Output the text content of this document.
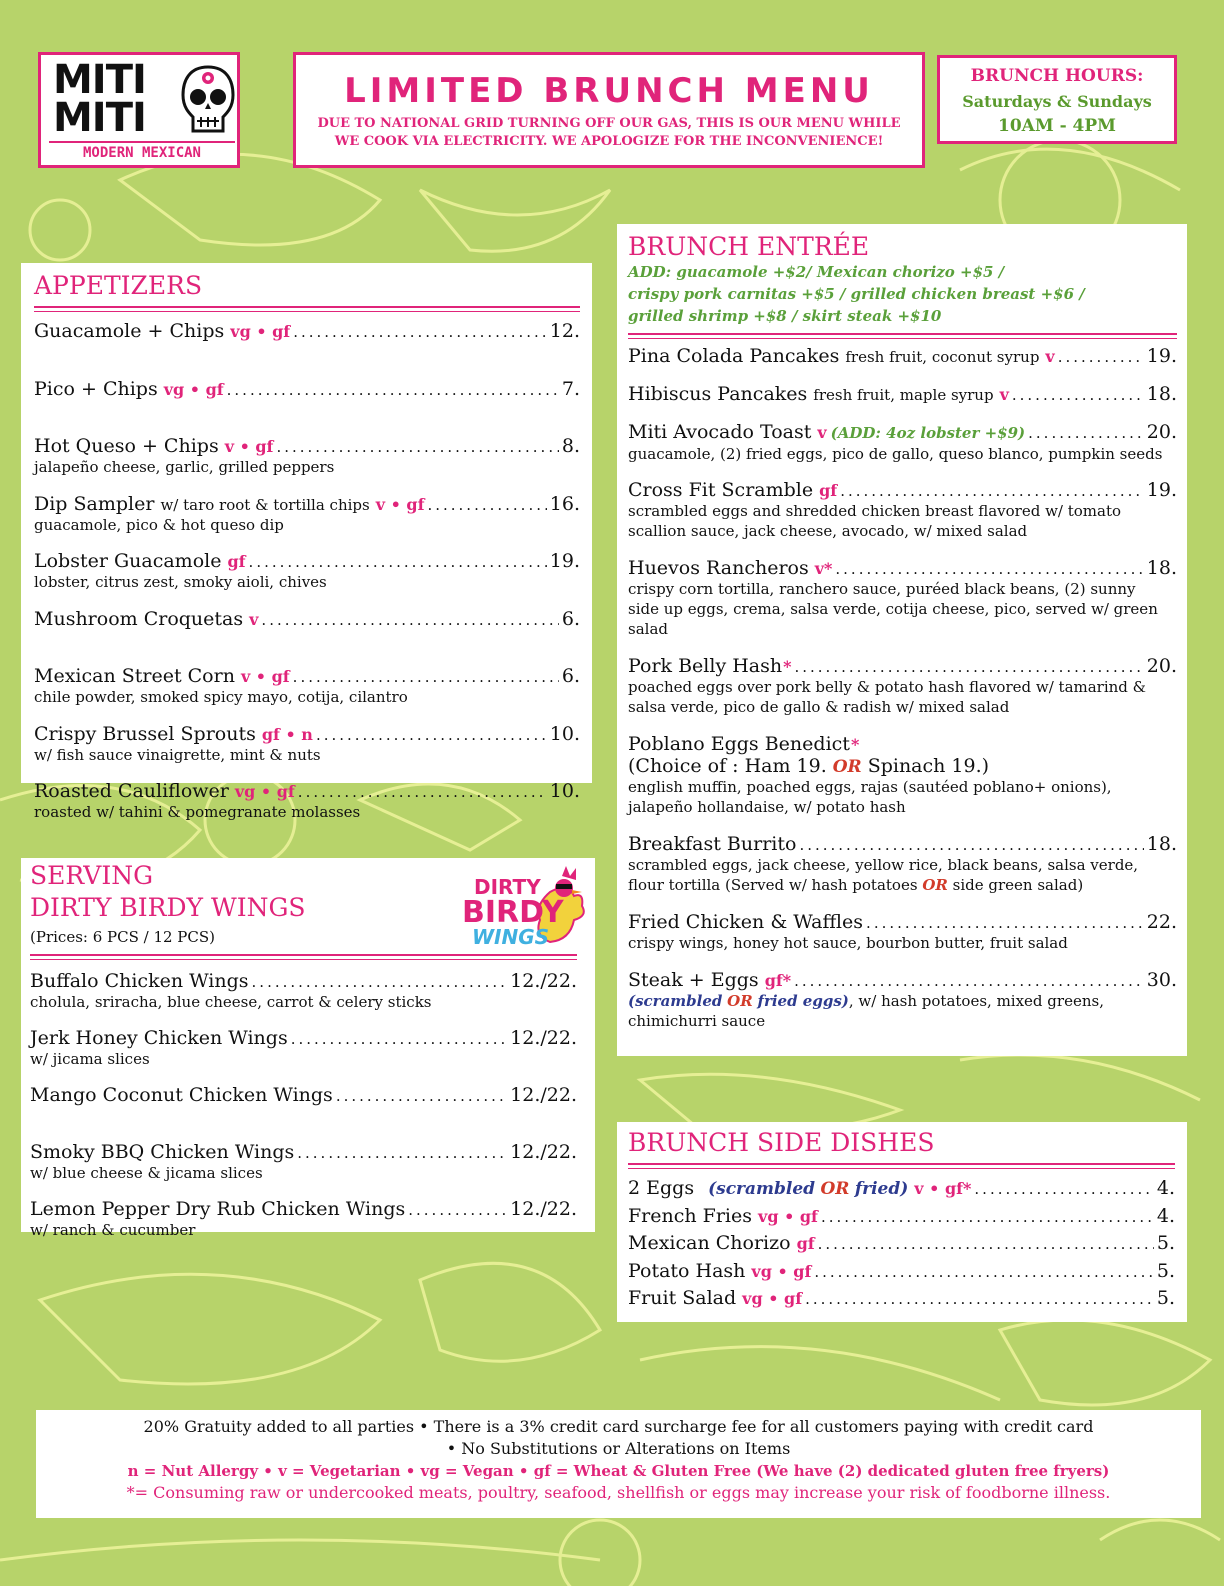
MITI
MITI
MODERN MEXICAN
LIMITED BRUNCH MENU
DUE TO NATIONAL GRID TURNING OFF OUR GAS, THIS IS OUR MENU WHILE
WE COOK VIA ELECTRICITY. WE APOLOGIZE FOR THE INCONVENIENCE!
BRUNCH HOURS:
Saturdays & Sundays
10AM - 4PM
APPETIZERS
Guacamole + Chips vg • gf .....	12.
Pico + Chips vg • gf .....	7.
Hot Queso + Chips v • gf .....	8.
jalapeño cheese, garlic, grilled peppers
Dip Sampler w/ taro root & tortilla chips v • gf .....	16.
guacamole, pico & hot queso dip
Lobster Guacamole gf .....	19.
lobster, citrus zest, smoky aioli, chives
Mushroom Croquetas v .....	6.
Mexican Street Corn v • gf .....	6.
chile powder, smoked spicy mayo, cotija, cilantro
Crispy Brussel Sprouts gf • n .....	10.
w/ fish sauce vinaigrette, mint & nuts
Roasted Cauliflower vg • gf .....	10.
roasted w/ tahini & pomegranate molasses
SERVING
DIRTY BIRDY WINGS
(Prices: 6 PCS / 12 PCS)
DIRTY
BIRDY
WINGS
Buffalo Chicken Wings .....	12./22.
cholula, sriracha, blue cheese, carrot & celery sticks
Jerk Honey Chicken Wings .....	12./22.
w/ jicama slices
Mango Coconut Chicken Wings .....	12./22.
Smoky BBQ Chicken Wings .....	12./22.
w/ blue cheese & jicama slices
Lemon Pepper Dry Rub Chicken Wings .....	12./22.
w/ ranch & cucumber
BRUNCH ENTRÉE
ADD: guacamole +$2/ Mexican chorizo +$5 /
crispy pork carnitas +$5 / grilled chicken breast +$6 /
grilled shrimp +$8 / skirt steak +$10
Pina Colada Pancakes fresh fruit, coconut syrup v .....	19.
Hibiscus Pancakes fresh fruit, maple syrup v .....	18.
Miti Avocado Toast v (ADD: 4oz lobster +$9) .....	20.
guacamole, (2) fried eggs, pico de gallo, queso blanco, pumpkin seeds
Cross Fit Scramble gf .....	19.
scrambled eggs and shredded chicken breast flavored w/ tomato
scallion sauce, jack cheese, avocado, w/ mixed salad
Huevos Rancheros v* .....	18.
crispy corn tortilla, ranchero sauce, puréed black beans, (2) sunny
side up eggs, crema, salsa verde, cotija cheese, pico, served w/ green
salad
Pork Belly Hash * .....	20.
poached eggs over pork belly & potato hash flavored w/ tamarind &
salsa verde, pico de gallo & radish w/ mixed salad
Poblano Eggs Benedict *
(Choice of : Ham 19. OR Spinach 19.)
english muffin, poached eggs, rajas (sautéed poblano+ onions),
jalapeño hollandaise, w/ potato hash
Breakfast Burrito .....	18.
scrambled eggs, jack cheese, yellow rice, black beans, salsa verde,
flour tortilla (Served w/ hash potatoes OR side green salad)
Fried Chicken & Waffles .....	22.
crispy wings, honey hot sauce, bourbon butter, fruit salad
Steak + Eggs gf* .....	30.
(scrambled OR fried eggs), w/ hash potatoes, mixed greens,
chimichurri sauce
BRUNCH SIDE DISHES
2 Eggs (scrambled OR fried) v • gf* .....	4.
French Fries vg • gf .....	4.
Mexican Chorizo gf .....	5.
Potato Hash vg • gf .....	5.
Fruit Salad vg • gf .....	5.
20% Gratuity added to all parties • There is a 3% credit card surcharge fee for all customers paying with credit card
• No Substitutions or Alterations on Items
n = Nut Allergy • v = Vegetarian • vg = Vegan • gf = Wheat & Gluten Free (We have (2) dedicated gluten free fryers)
*= Consuming raw or undercooked meats, poultry, seafood, shellfish or eggs may increase your risk of foodborne illness.
